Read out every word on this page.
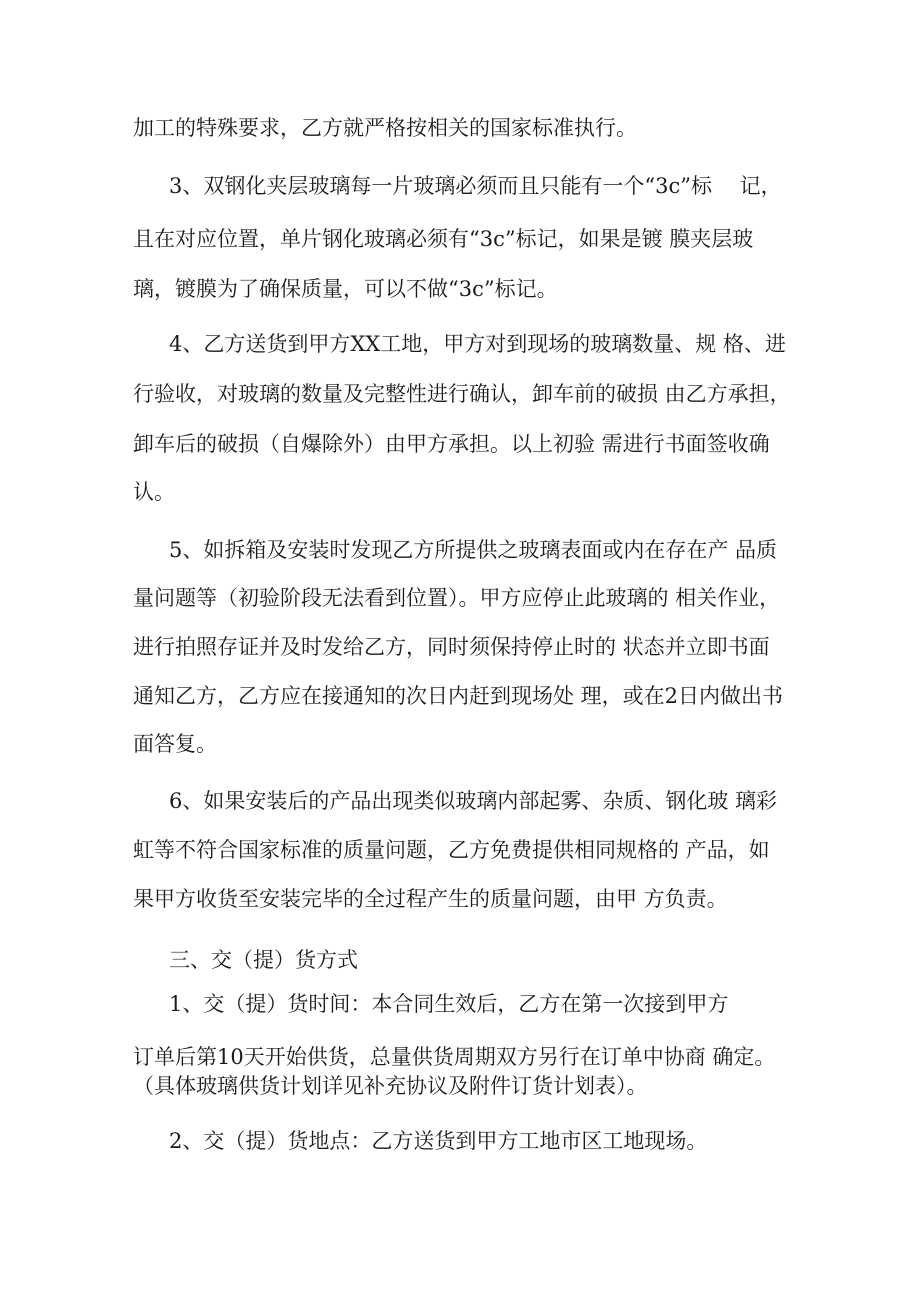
加工的特殊要求，乙方就严格按相关的国家标准执行。
3、双钢化夹层玻璃每一片玻璃必须而且只能有一个“3c”标　 记，
且在对应位置，单片钢化玻璃必须有“3c”标记，如果是镀 膜夹层玻
璃，镀膜为了确保质量，可以不做“3c”标记。
4、乙方送货到甲方XX工地，甲方对到现场的玻璃数量、规 格、进
行验收，对玻璃的数量及完整性进行确认，卸车前的破损 由乙方承担，
卸车后的破损（自爆除外）由甲方承担。以上初验 需进行书面签收确
认。
5、如拆箱及安装时发现乙方所提供之玻璃表面或内在存在产 品质
量问题等（初验阶段无法看到位置）。甲方应停止此玻璃的 相关作业，
进行拍照存证并及时发给乙方，同时须保持停止时的 状态并立即书面
通知乙方，乙方应在接通知的次日内赶到现场处 理，或在2日内做出书
面答复。
6、如果安装后的产品出现类似玻璃内部起雾、杂质、钢化玻 璃彩
虹等不符合国家标准的质量问题，乙方免费提供相同规格的 产品，如
果甲方收货至安装完毕的全过程产生的质量问题，由甲 方负责。
三、交（提）货方式
1、交（提）货时间：本合同生效后，乙方在第一次接到甲方
订单后第10天开始供货，总量供货周期双方另行在订单中协商 确定。
（具体玻璃供货计划详见补充协议及附件订货计划表）。
2、交（提）货地点：乙方送货到甲方工地市区工地现场。
